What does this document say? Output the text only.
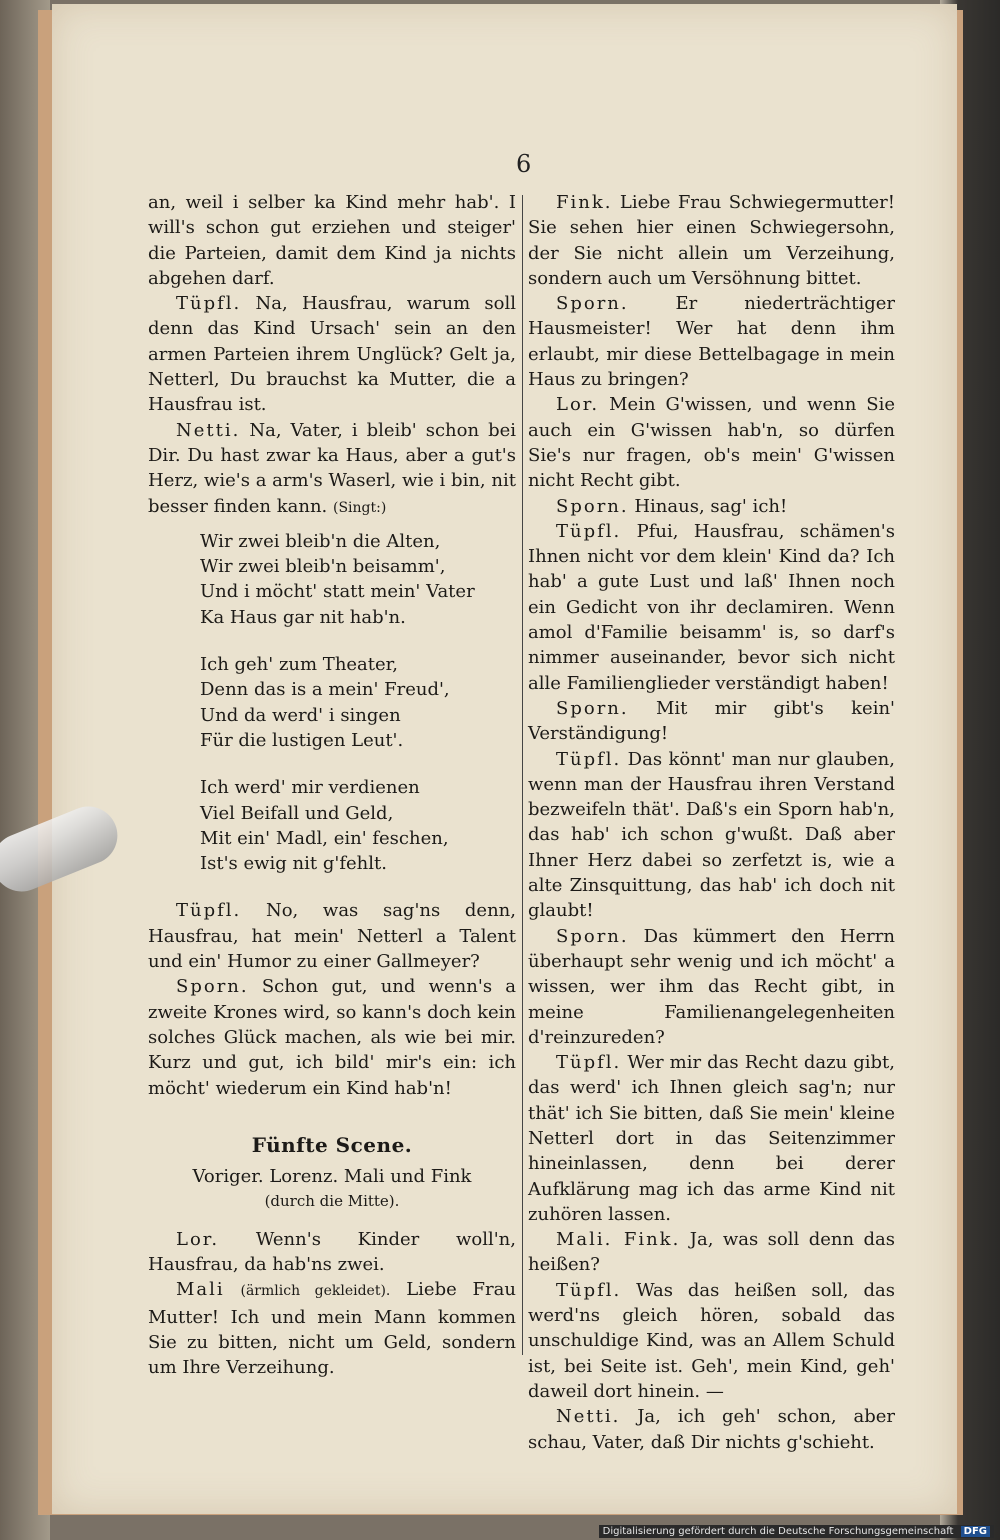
6

an, weil i selber ka Kind mehr hab'. I will's schon gut erziehen und steiger' die Parteien, damit dem Kind ja nichts abgehen darf.

Tüpfl. Na, Hausfrau, warum soll denn das Kind Ursach' sein an den armen Parteien ihrem Unglück? Gelt ja, Netterl, Du brauchst ka Mutter, die a Hausfrau ist.

Netti. Na, Vater, i bleib' schon bei Dir. Du hast zwar ka Haus, aber a gut's Herz, wie's a arm's Waserl, wie i bin, nit besser finden kann. (Singt:)

Wir zwei bleib'n die Alten,
Wir zwei bleib'n beisamm',
Und i möcht' statt mein' Vater
Ka Haus gar nit hab'n.
Ich geh' zum Theater,
Denn das is a mein' Freud',
Und da werd' i singen
Für die lustigen Leut'.
Ich werd' mir verdienen
Viel Beifall und Geld,
Mit ein' Madl, ein' feschen,
Ist's ewig nit g'fehlt.

Tüpfl. No, was sag'ns denn, Hausfrau, hat mein' Netterl a Talent und ein' Humor zu einer Gallmeyer?

Sporn. Schon gut, und wenn's a zweite Krones wird, so kann's doch kein solches Glück machen, als wie bei mir. Kurz und gut, ich bild' mir's ein: ich möcht' wiederum ein Kind hab'n!

Fünfte Scene.

Voriger. Lorenz. Mali und Fink

(durch die Mitte).

Lor. Wenn's Kinder woll'n, Hausfrau, da hab'ns zwei.

Mali (ärmlich gekleidet). Liebe Frau Mutter! Ich und mein Mann kommen Sie zu bitten, nicht um Geld, sondern um Ihre Verzeihung.

Fink. Liebe Frau Schwiegermutter! Sie sehen hier einen Schwiegersohn, der Sie nicht allein um Verzeihung, sondern auch um Versöhnung bittet.

Sporn.	Er niederträchtiger Hausmeister! Wer hat denn ihm erlaubt, mir diese Bettelbagage in mein Haus zu bringen?

Lor. Mein G'wissen, und wenn Sie auch ein G'wissen hab'n, so dürfen Sie's nur fragen, ob's mein' G'wissen nicht Recht gibt.

Sporn. Hinaus, sag' ich!

Tüpfl. Pfui, Hausfrau, schämen's Ihnen nicht vor dem klein' Kind da? Ich hab' a gute Lust und laß' Ihnen noch ein Gedicht von ihr declamiren. Wenn amol d'Familie beisamm' is, so darf's nimmer auseinander, bevor sich nicht alle Familienglieder verständigt haben!

Sporn. Mit mir gibt's kein' Verständigung!

Tüpfl. Das könnt' man nur glauben, wenn man der Hausfrau ihren Verstand bezweifeln thät'. Daß's ein Sporn hab'n, das hab' ich schon g'wußt. Daß aber Ihner Herz dabei so zerfetzt is, wie a alte Zinsquittung, das hab' ich doch nit glaubt!

Sporn. Das kümmert den Herrn überhaupt sehr wenig und ich möcht' a wissen, wer ihm das Recht gibt, in meine Familienangelegenheiten d'reinzureden?

Tüpfl. Wer mir das Recht dazu gibt, das werd' ich Ihnen gleich sag'n; nur thät' ich Sie bitten, daß Sie mein' kleine Netterl dort in das Seitenzimmer hineinlassen, denn bei derer Aufklärung mag ich das arme Kind nit zuhören lassen.

Mali. Fink. Ja, was soll denn das heißen?

Tüpfl. Was das heißen soll, das werd'ns gleich hören, sobald das unschuldige Kind, was an Allem Schuld ist, bei Seite ist. Geh', mein Kind, geh' daweil dort hinein. —

Netti. Ja, ich geh' schon, aber schau, Vater, daß Dir nichts g'schieht.

Digitalisierung gefördert durch die Deutsche Forschungsgemeinschaft DFG
